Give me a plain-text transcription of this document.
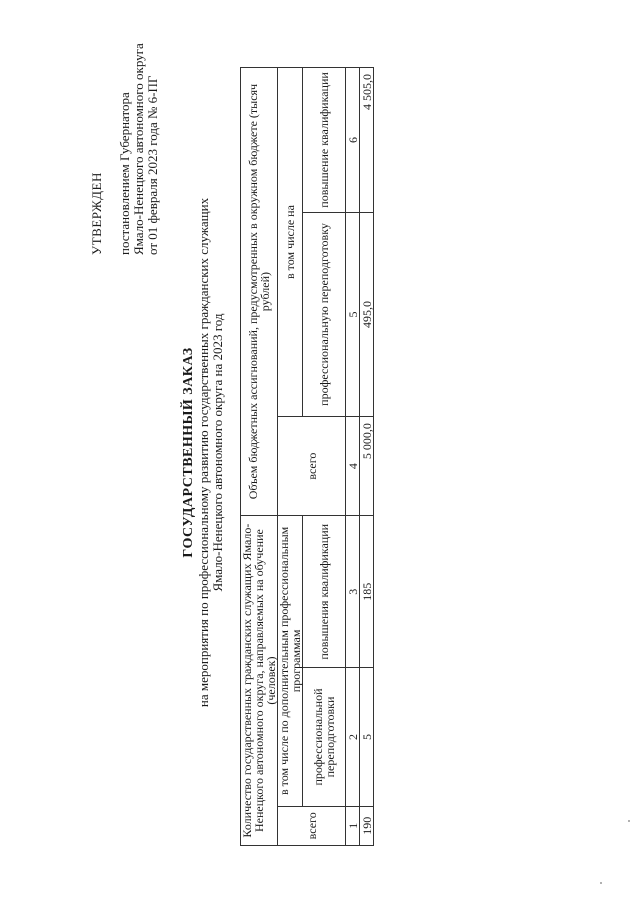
УТВЕРЖДЕН постановлением Губернатора Ямало-Ненецкого автономного округа от 01 февраля 2023 года № 6-ПГ
ГОСУДАРСТВЕННЫЙ ЗАКАЗ на мероприятия по профессиональному развитию государственных гражданских служащих Ямало-Ненецкого автономного округа на 2023 год
Количество государственных гражданских служащих Ямало-Ненецкого автономного округа, направляемых на обучение (человек)			Объем бюджетных ассигнований, предусмотренных в окружном бюджете (тысяч рублей)		
всего	в том числе по дополнительным профессиональным программам		всего	в том числе на	
	профессиональной переподготовки	повышения квалификации		профессиональную переподготовку	повышение квалификации
1	2	3	4	5	6
190	5	185	5 000,0	495,0	4 505,0
